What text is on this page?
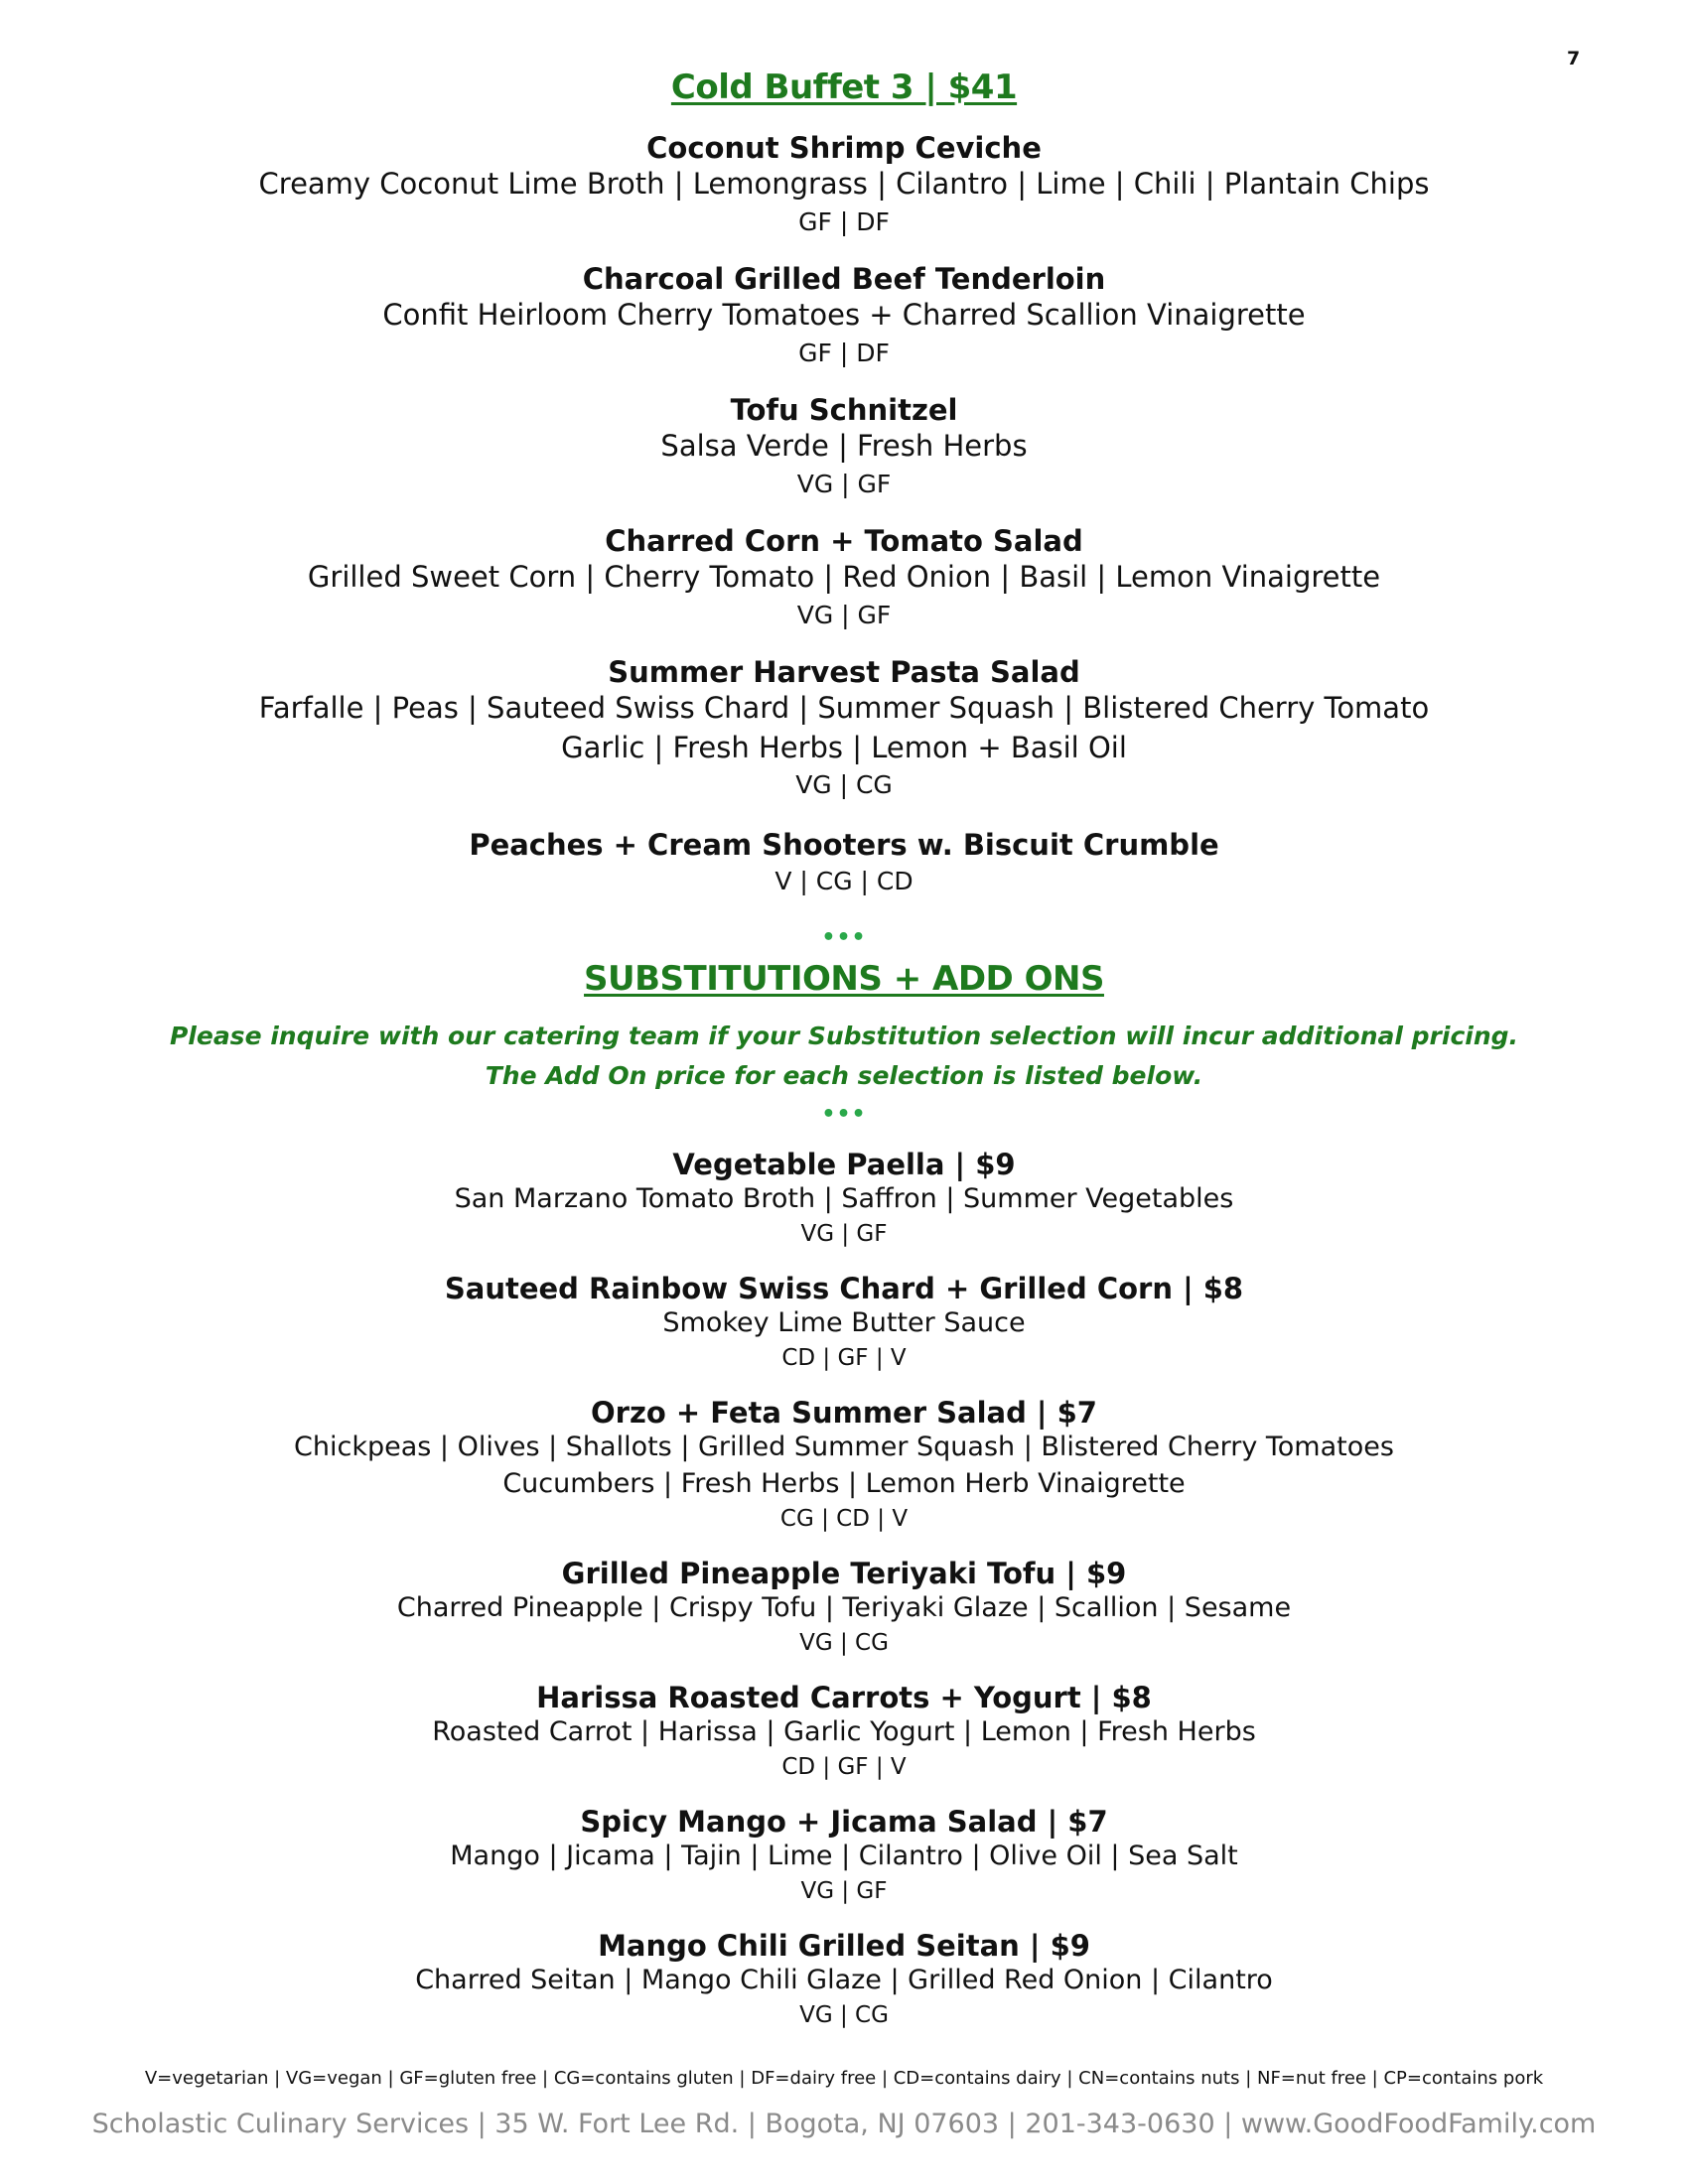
7
Cold Buffet 3 | $41
Coconut Shrimp Ceviche
Creamy Coconut Lime Broth | Lemongrass | Cilantro | Lime | Chili | Plantain Chips
GF | DF
Charcoal Grilled Beef Tenderloin
Confit Heirloom Cherry Tomatoes + Charred Scallion Vinaigrette
GF | DF
Tofu Schnitzel
Salsa Verde | Fresh Herbs
VG | GF
Charred Corn + Tomato Salad
Grilled Sweet Corn | Cherry Tomato | Red Onion | Basil | Lemon Vinaigrette
VG | GF
Summer Harvest Pasta Salad
Farfalle | Peas | Sauteed Swiss Chard | Summer Squash | Blistered Cherry Tomato
Garlic | Fresh Herbs | Lemon + Basil Oil
VG | CG
Peaches + Cream Shooters w. Biscuit Crumble
V | CG | CD
•••
SUBSTITUTIONS + ADD ONS
Please inquire with our catering team if your Substitution selection will incur additional pricing.
The Add On price for each selection is listed below.
•••
Vegetable Paella | $9
San Marzano Tomato Broth | Saffron | Summer Vegetables
VG | GF
Sauteed Rainbow Swiss Chard + Grilled Corn | $8
Smokey Lime Butter Sauce
CD | GF | V
Orzo + Feta Summer Salad | $7
Chickpeas | Olives | Shallots | Grilled Summer Squash | Blistered Cherry Tomatoes
Cucumbers | Fresh Herbs | Lemon Herb Vinaigrette
CG | CD | V
Grilled Pineapple Teriyaki Tofu | $9
Charred Pineapple | Crispy Tofu | Teriyaki Glaze | Scallion | Sesame
VG | CG
Harissa Roasted Carrots + Yogurt | $8
Roasted Carrot | Harissa | Garlic Yogurt | Lemon | Fresh Herbs
CD | GF | V
Spicy Mango + Jicama Salad | $7
Mango | Jicama | Tajin | Lime | Cilantro | Olive Oil | Sea Salt
VG | GF
Mango Chili Grilled Seitan | $9
Charred Seitan | Mango Chili Glaze | Grilled Red Onion | Cilantro
VG | CG
V=vegetarian | VG=vegan | GF=gluten free | CG=contains gluten | DF=dairy free | CD=contains dairy | CN=contains nuts | NF=nut free | CP=contains pork
Scholastic Culinary Services | 35 W. Fort Lee Rd. | Bogota, NJ 07603 | 201-343-0630 | www.GoodFoodFamily.com
